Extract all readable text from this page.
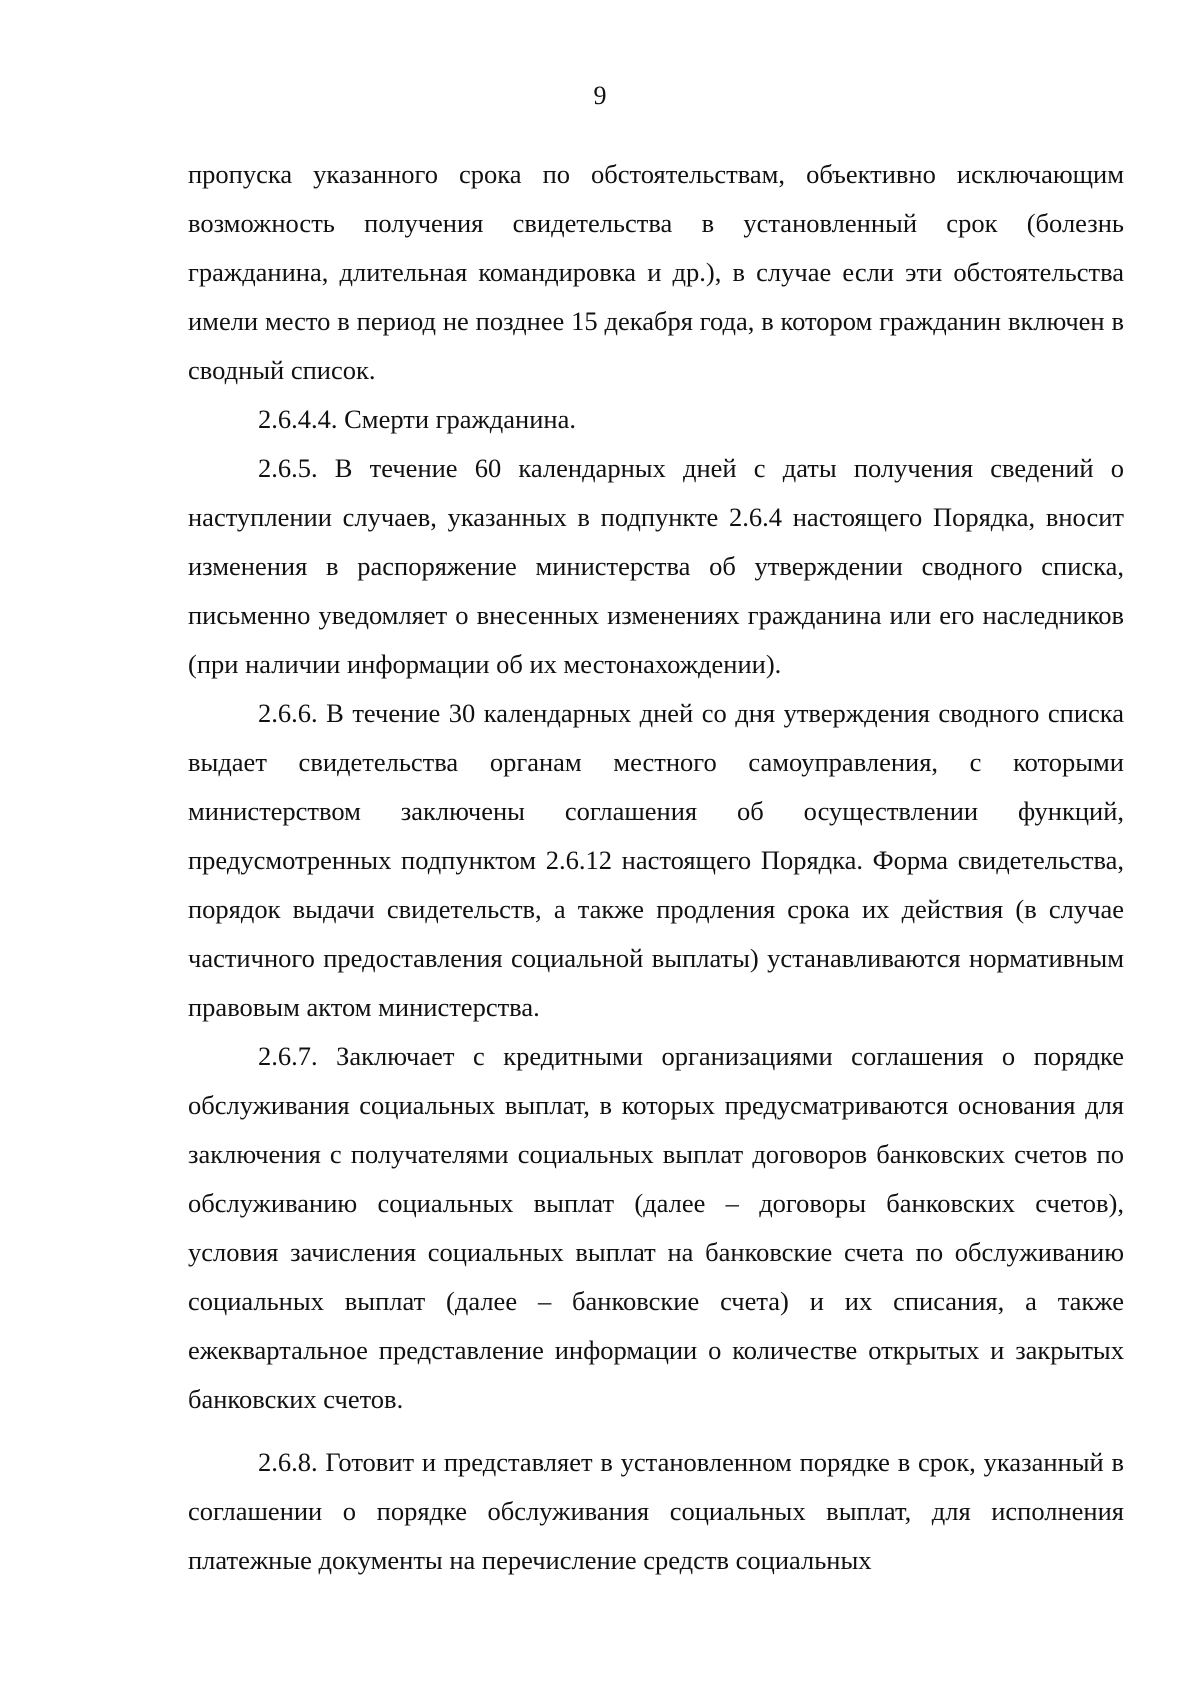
9

пропуска указанного срока по обстоятельствам, объективно исключающим возможность получения свидетельства в установленный срок (болезнь гражданина, длительная командировка и др.), в случае если эти обстоятельства имели место в период не позднее 15 декабря года, в котором гражданин включен в сводный список.

2.6.4.4. Смерти гражданина.

2.6.5. В течение 60 календарных дней с даты получения сведений о наступлении случаев, указанных в подпункте 2.6.4 настоящего Порядка, вносит изменения в распоряжение министерства об утверждении сводного списка, письменно уведомляет о внесенных изменениях гражданина или его наследников (при наличии информации об их местонахождении).

2.6.6. В течение 30 календарных дней со дня утверждения сводного списка выдает свидетельства органам местного самоуправления, с которыми министерством заключены соглашения об осуществлении функций, предусмотренных подпунктом 2.6.12 настоящего Порядка. Форма свидетельства, порядок выдачи свидетельств, а также продления срока их действия (в случае частичного предоставления социальной выплаты) устанавливаются нормативным правовым актом министерства.

2.6.7. Заключает с кредитными организациями соглашения о порядке обслуживания социальных выплат, в которых предусматриваются основания для заключения с получателями социальных выплат договоров банковских счетов по обслуживанию социальных выплат (далее – договоры банковских счетов), условия зачисления социальных выплат на банковские счета по обслуживанию социальных выплат (далее – банковские счета) и их списания, а также ежеквартальное представление информации о количестве открытых и закрытых банковских счетов.

2.6.8. Готовит и представляет в установленном порядке в срок, указанный в соглашении о порядке обслуживания социальных выплат, для исполнения платежные документы на перечисление средств социальных
